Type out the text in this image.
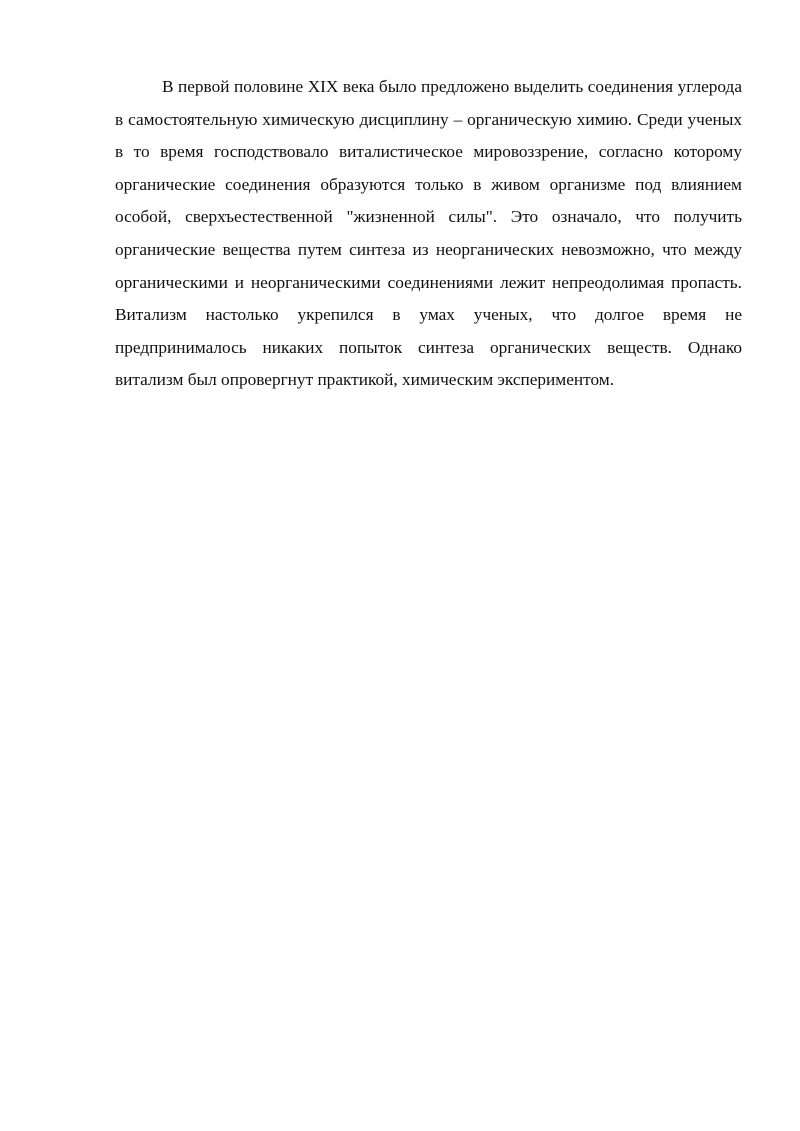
В первой половине XIX века было предложено выделить соединения углерода в самостоятельную химическую дисциплину – органическую химию. Среди ученых в то время господствовало виталистическое мировоззрение, согласно которому органические соединения образуются только в живом организме под влиянием особой, сверхъестественной "жизненной силы". Это означало, что получить органические вещества путем синтеза из неорганических невозможно, что между органическими и неорганическими соединениями лежит непреодолимая пропасть. Витализм настолько укрепился в умах ученых, что долгое время не предпринималось никаких попыток синтеза органических веществ. Однако витализм был опровергнут практикой, химическим экспериментом.
